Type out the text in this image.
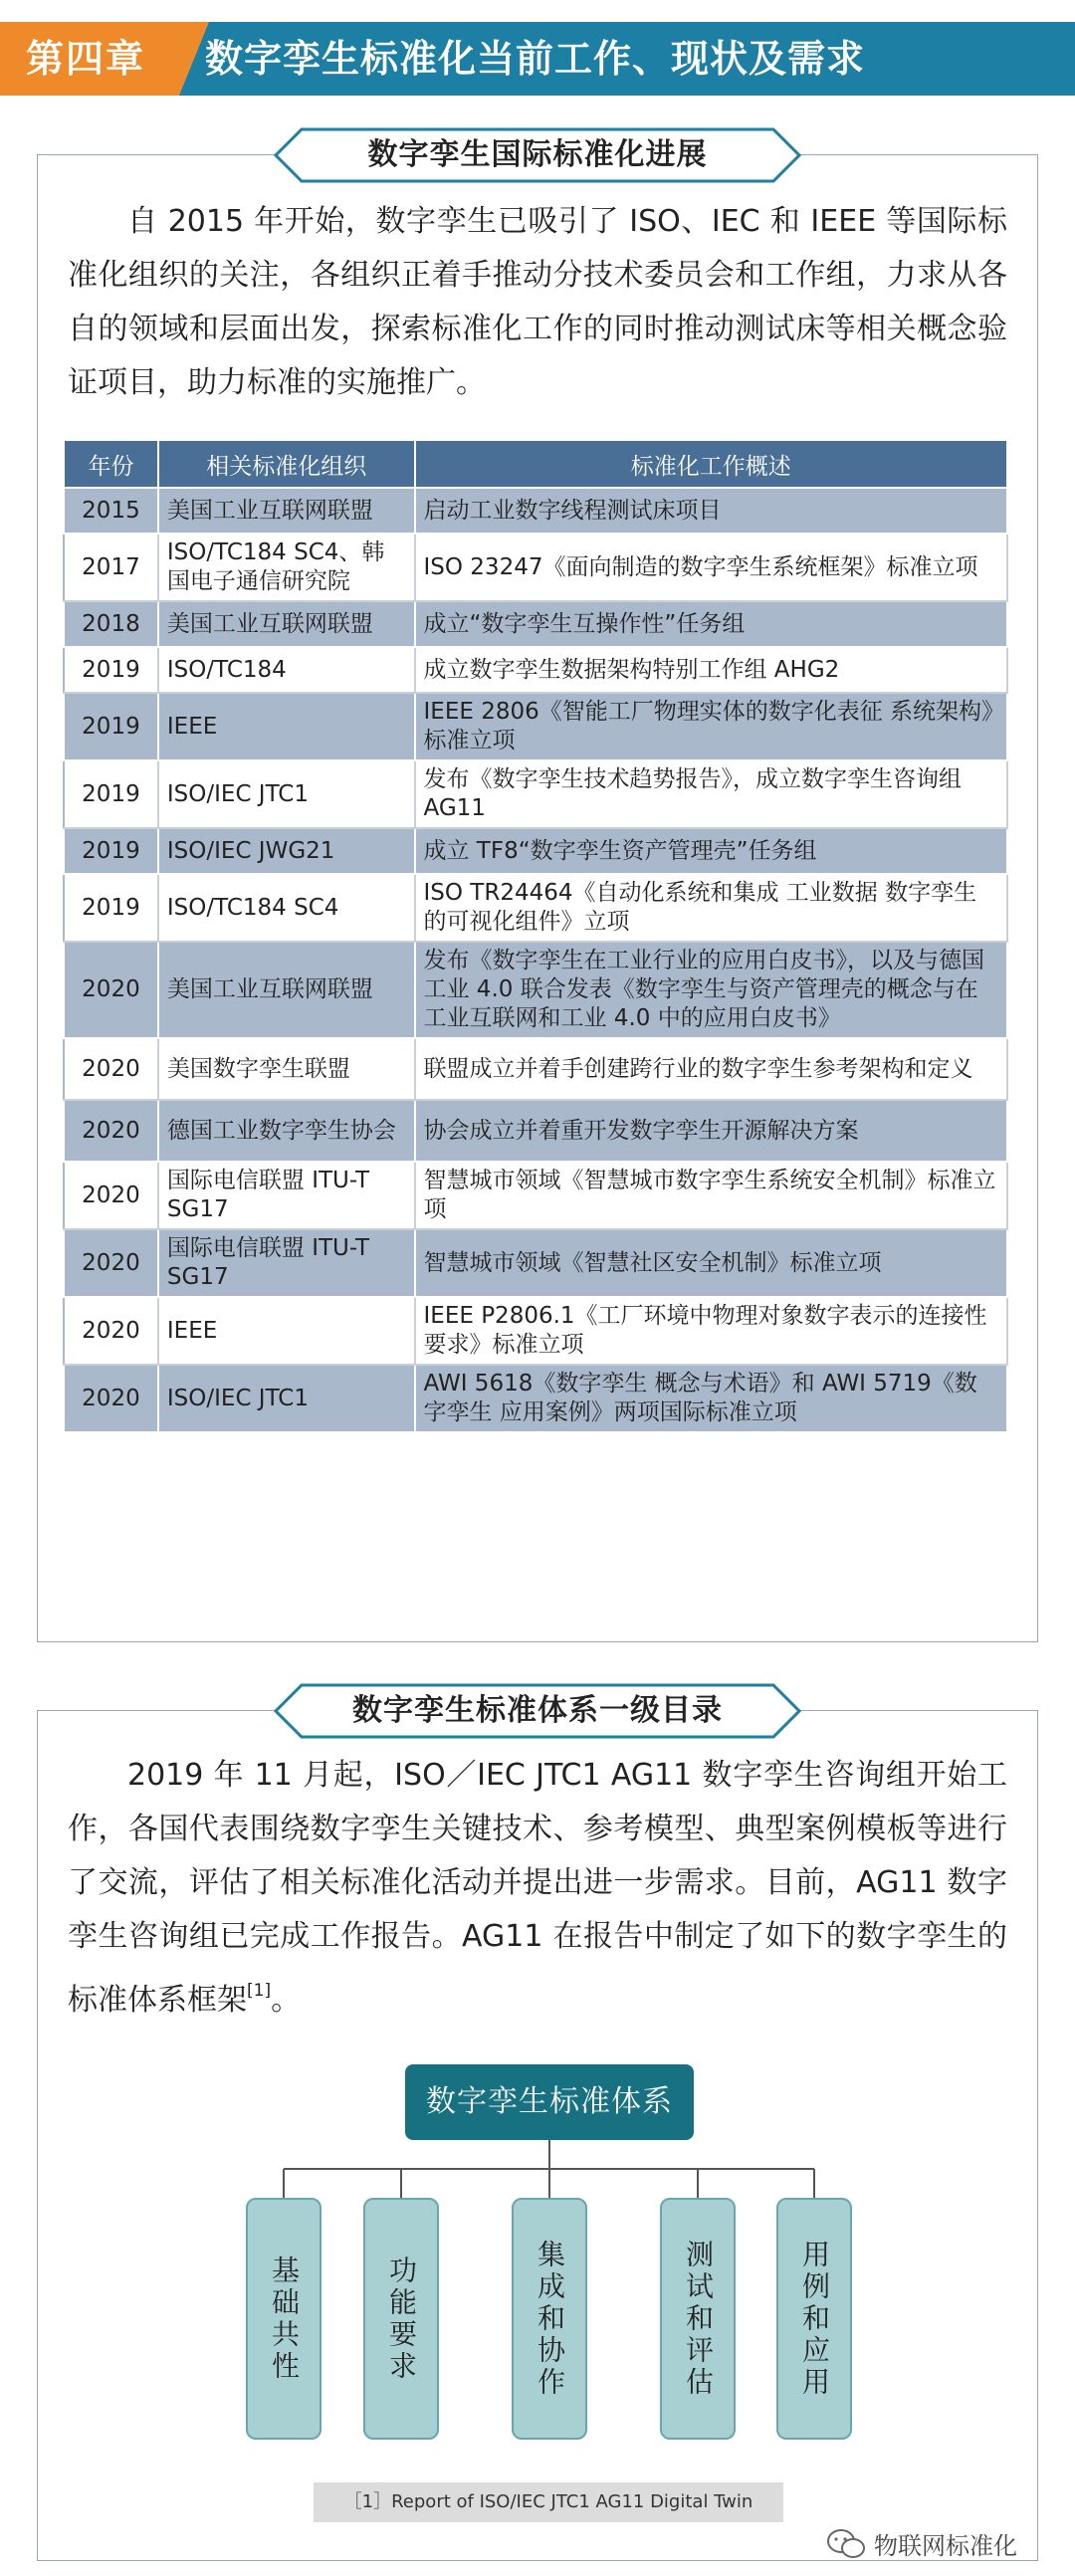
第四章 数字孪生标准化当前工作、现状及需求
数字孪生国际标准化进展

自 2015 年开始，数字孪生已吸引了 ISO、IEC 和 IEEE 等国际标准化组织的关注，各组织正着手推动分技术委员会和工作组，力求从各自的领域和层面出发，探索标准化工作的同时推动测试床等相关概念验证项目，助力标准的实施推广。

年份	相关标准化组织	标准化工作概述
2015	美国工业互联网联盟	启动工业数字线程测试床项目
2017	ISO/TC184 SC4、韩国电子通信研究院	ISO 23247《面向制造的数字孪生系统框架》标准立项
2018	美国工业互联网联盟	成立“数字孪生互操作性”任务组
2019	ISO/TC184	成立数字孪生数据架构特别工作组 AHG2
2019	IEEE	IEEE 2806《智能工厂物理实体的数字化表征 系统架构》标准立项
2019	ISO/IEC JTC1	发布《数字孪生技术趋势报告》，成立数字孪生咨询组 AG11
2019	ISO/IEC JWG21	成立 TF8“数字孪生资产管理壳”任务组
2019	ISO/TC184 SC4	ISO TR24464《自动化系统和集成 工业数据 数字孪生的可视化组件》立项
2020	美国工业互联网联盟	发布《数字孪生在工业行业的应用白皮书》，以及与德国工业 4.0 联合发表《数字孪生与资产管理壳的概念与在工业互联网和工业 4.0 中的应用白皮书》
2020	美国数字孪生联盟	联盟成立并着手创建跨行业的数字孪生参考架构和定义
2020	德国工业数字孪生协会	协会成立并着重开发数字孪生开源解决方案
2020	国际电信联盟 ITU-T SG17	智慧城市领域《智慧城市数字孪生系统安全机制》标准立项
2020	国际电信联盟 ITU-T SG17	智慧城市领域《智慧社区安全机制》标准立项
2020	IEEE	IEEE P2806.1《工厂环境中物理对象数字表示的连接性要求》标准立项
2020	ISO/IEC JTC1	AWI 5618《数字孪生 概念与术语》和 AWI 5719《数字孪生 应用案例》两项国际标准立项
数字孪生标准体系一级目录

2019 年 11 月起，ISO／IEC JTC1 AG11 数字孪生咨询组开始工作，各国代表围绕数字孪生关键技术、参考模型、典型案例模板等进行了交流，评估了相关标准化活动并提出进一步需求。目前，AG11 数字孪生咨询组已完成工作报告。AG11 在报告中制定了如下的数字孪生的标准体系框架[1]。

数字孪生标准体系
基础共性	功能要求	集成和协作	测试和评估	用例和应用
［1］Report of ISO/IEC JTC1 AG11 Digital Twin
物联网标准化
